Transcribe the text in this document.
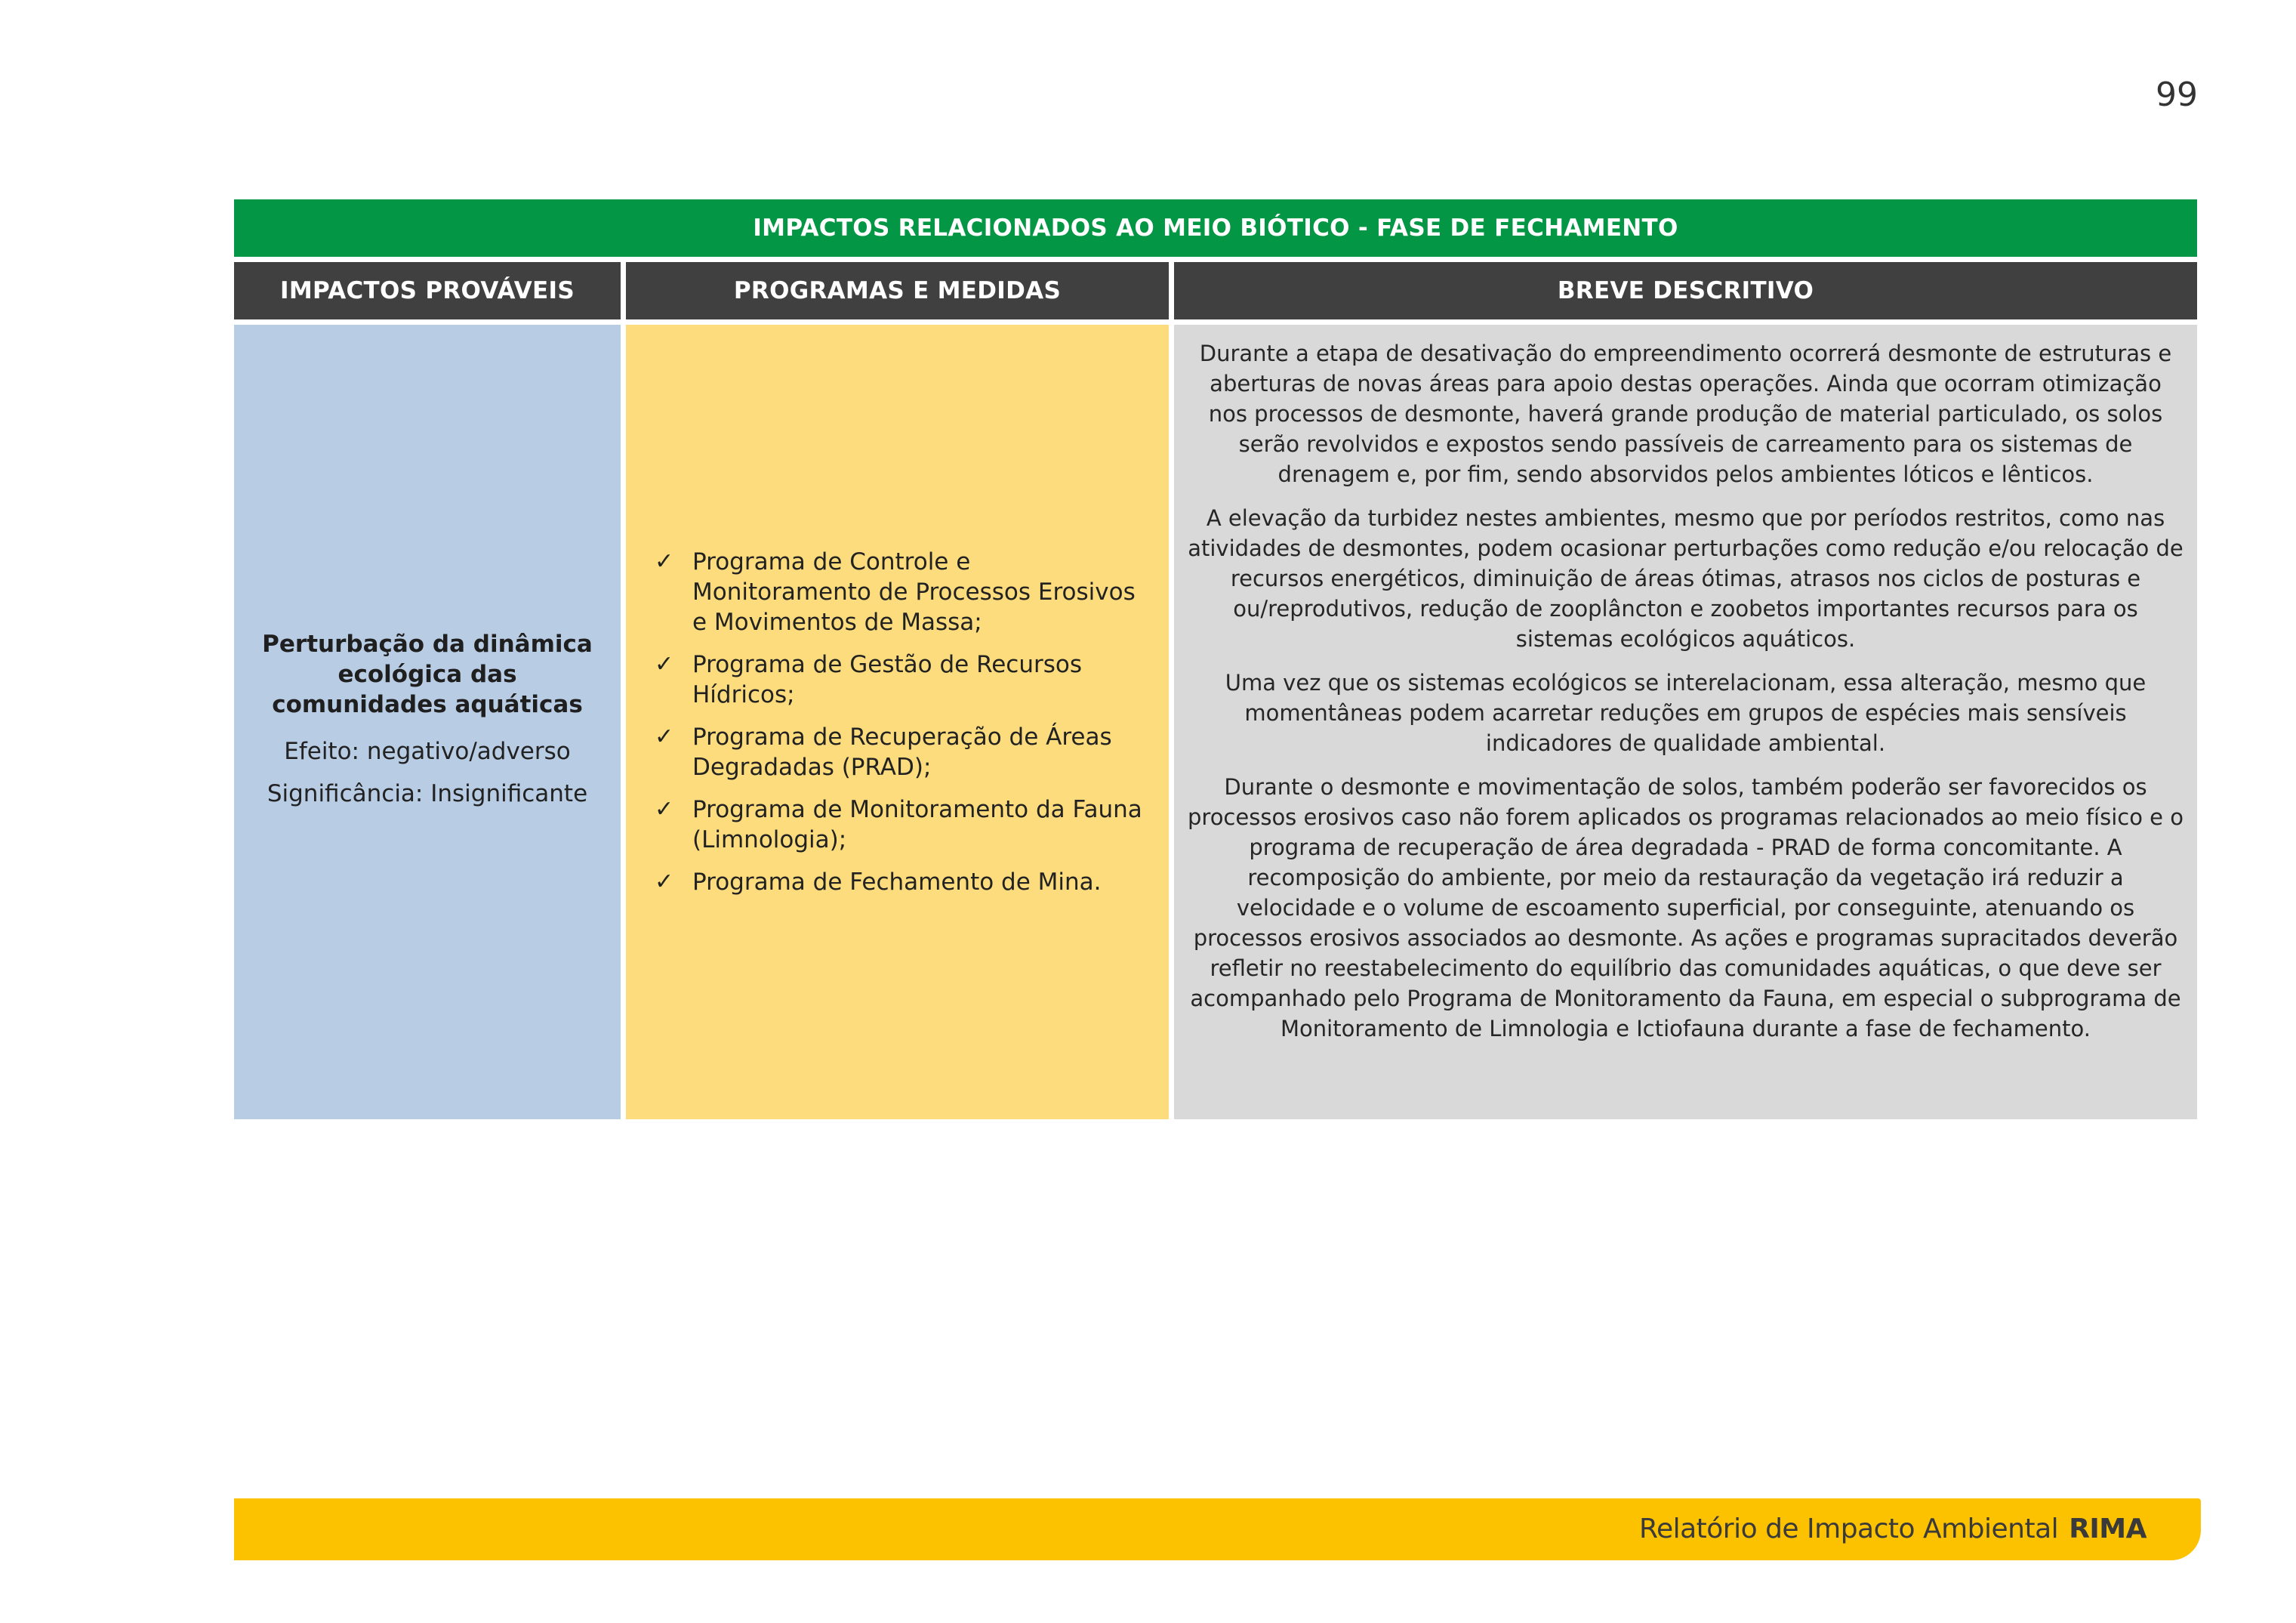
99
IMPACTOS RELACIONADOS AO MEIO BIÓTICO - FASE DE FECHAMENTO
IMPACTOS PROVÁVEIS	PROGRAMAS E MEDIDAS	BREVE DESCRITIVO
Perturbação da dinâmica ecológica das comunidades aquáticas
Efeito: negativo/adverso
Significância: Insignificante
✓ Programa de Controle e Monitoramento de Processos Erosivos e Movimentos de Massa;
✓ Programa de Gestão de Recursos Hídricos;
✓ Programa de Recuperação de Áreas Degradadas (PRAD);
✓ Programa de Monitoramento da Fauna (Limnologia);
✓ Programa de Fechamento de Mina.

Durante a etapa de desativação do empreendimento ocorrerá desmonte de estruturas e aberturas de novas áreas para apoio destas operações. Ainda que ocorram otimização nos processos de desmonte, haverá grande produção de material particulado, os solos serão revolvidos e expostos sendo passíveis de carreamento para os sistemas de drenagem e, por fim, sendo absorvidos pelos ambientes lóticos e lênticos.

A elevação da turbidez nestes ambientes, mesmo que por períodos restritos, como nas atividades de desmontes, podem ocasionar perturbações como redução e/ou relocação de recursos energéticos, diminuição de áreas ótimas, atrasos nos ciclos de posturas e ou/reprodutivos, redução de zooplâncton e zoobetos importantes recursos para os sistemas ecológicos aquáticos.

Uma vez que os sistemas ecológicos se interelacionam, essa alteração, mesmo que momentâneas podem acarretar reduções em grupos de espécies mais sensíveis indicadores de qualidade ambiental.

Durante o desmonte e movimentação de solos, também poderão ser favorecidos os processos erosivos caso não forem aplicados os programas relacionados ao meio físico e o programa de recuperação de área degradada - PRAD de forma concomitante. A recomposição do ambiente, por meio da restauração da vegetação irá reduzir a velocidade e o volume de escoamento superficial, por conseguinte, atenuando os processos erosivos associados ao desmonte. As ações e programas supracitados deverão refletir no reestabelecimento do equilíbrio das comunidades aquáticas, o que deve ser acompanhado pelo Programa de Monitoramento da Fauna, em especial o subprograma de Monitoramento de Limnologia e Ictiofauna durante a fase de fechamento.

Relatório de Impacto Ambiental RIMA
